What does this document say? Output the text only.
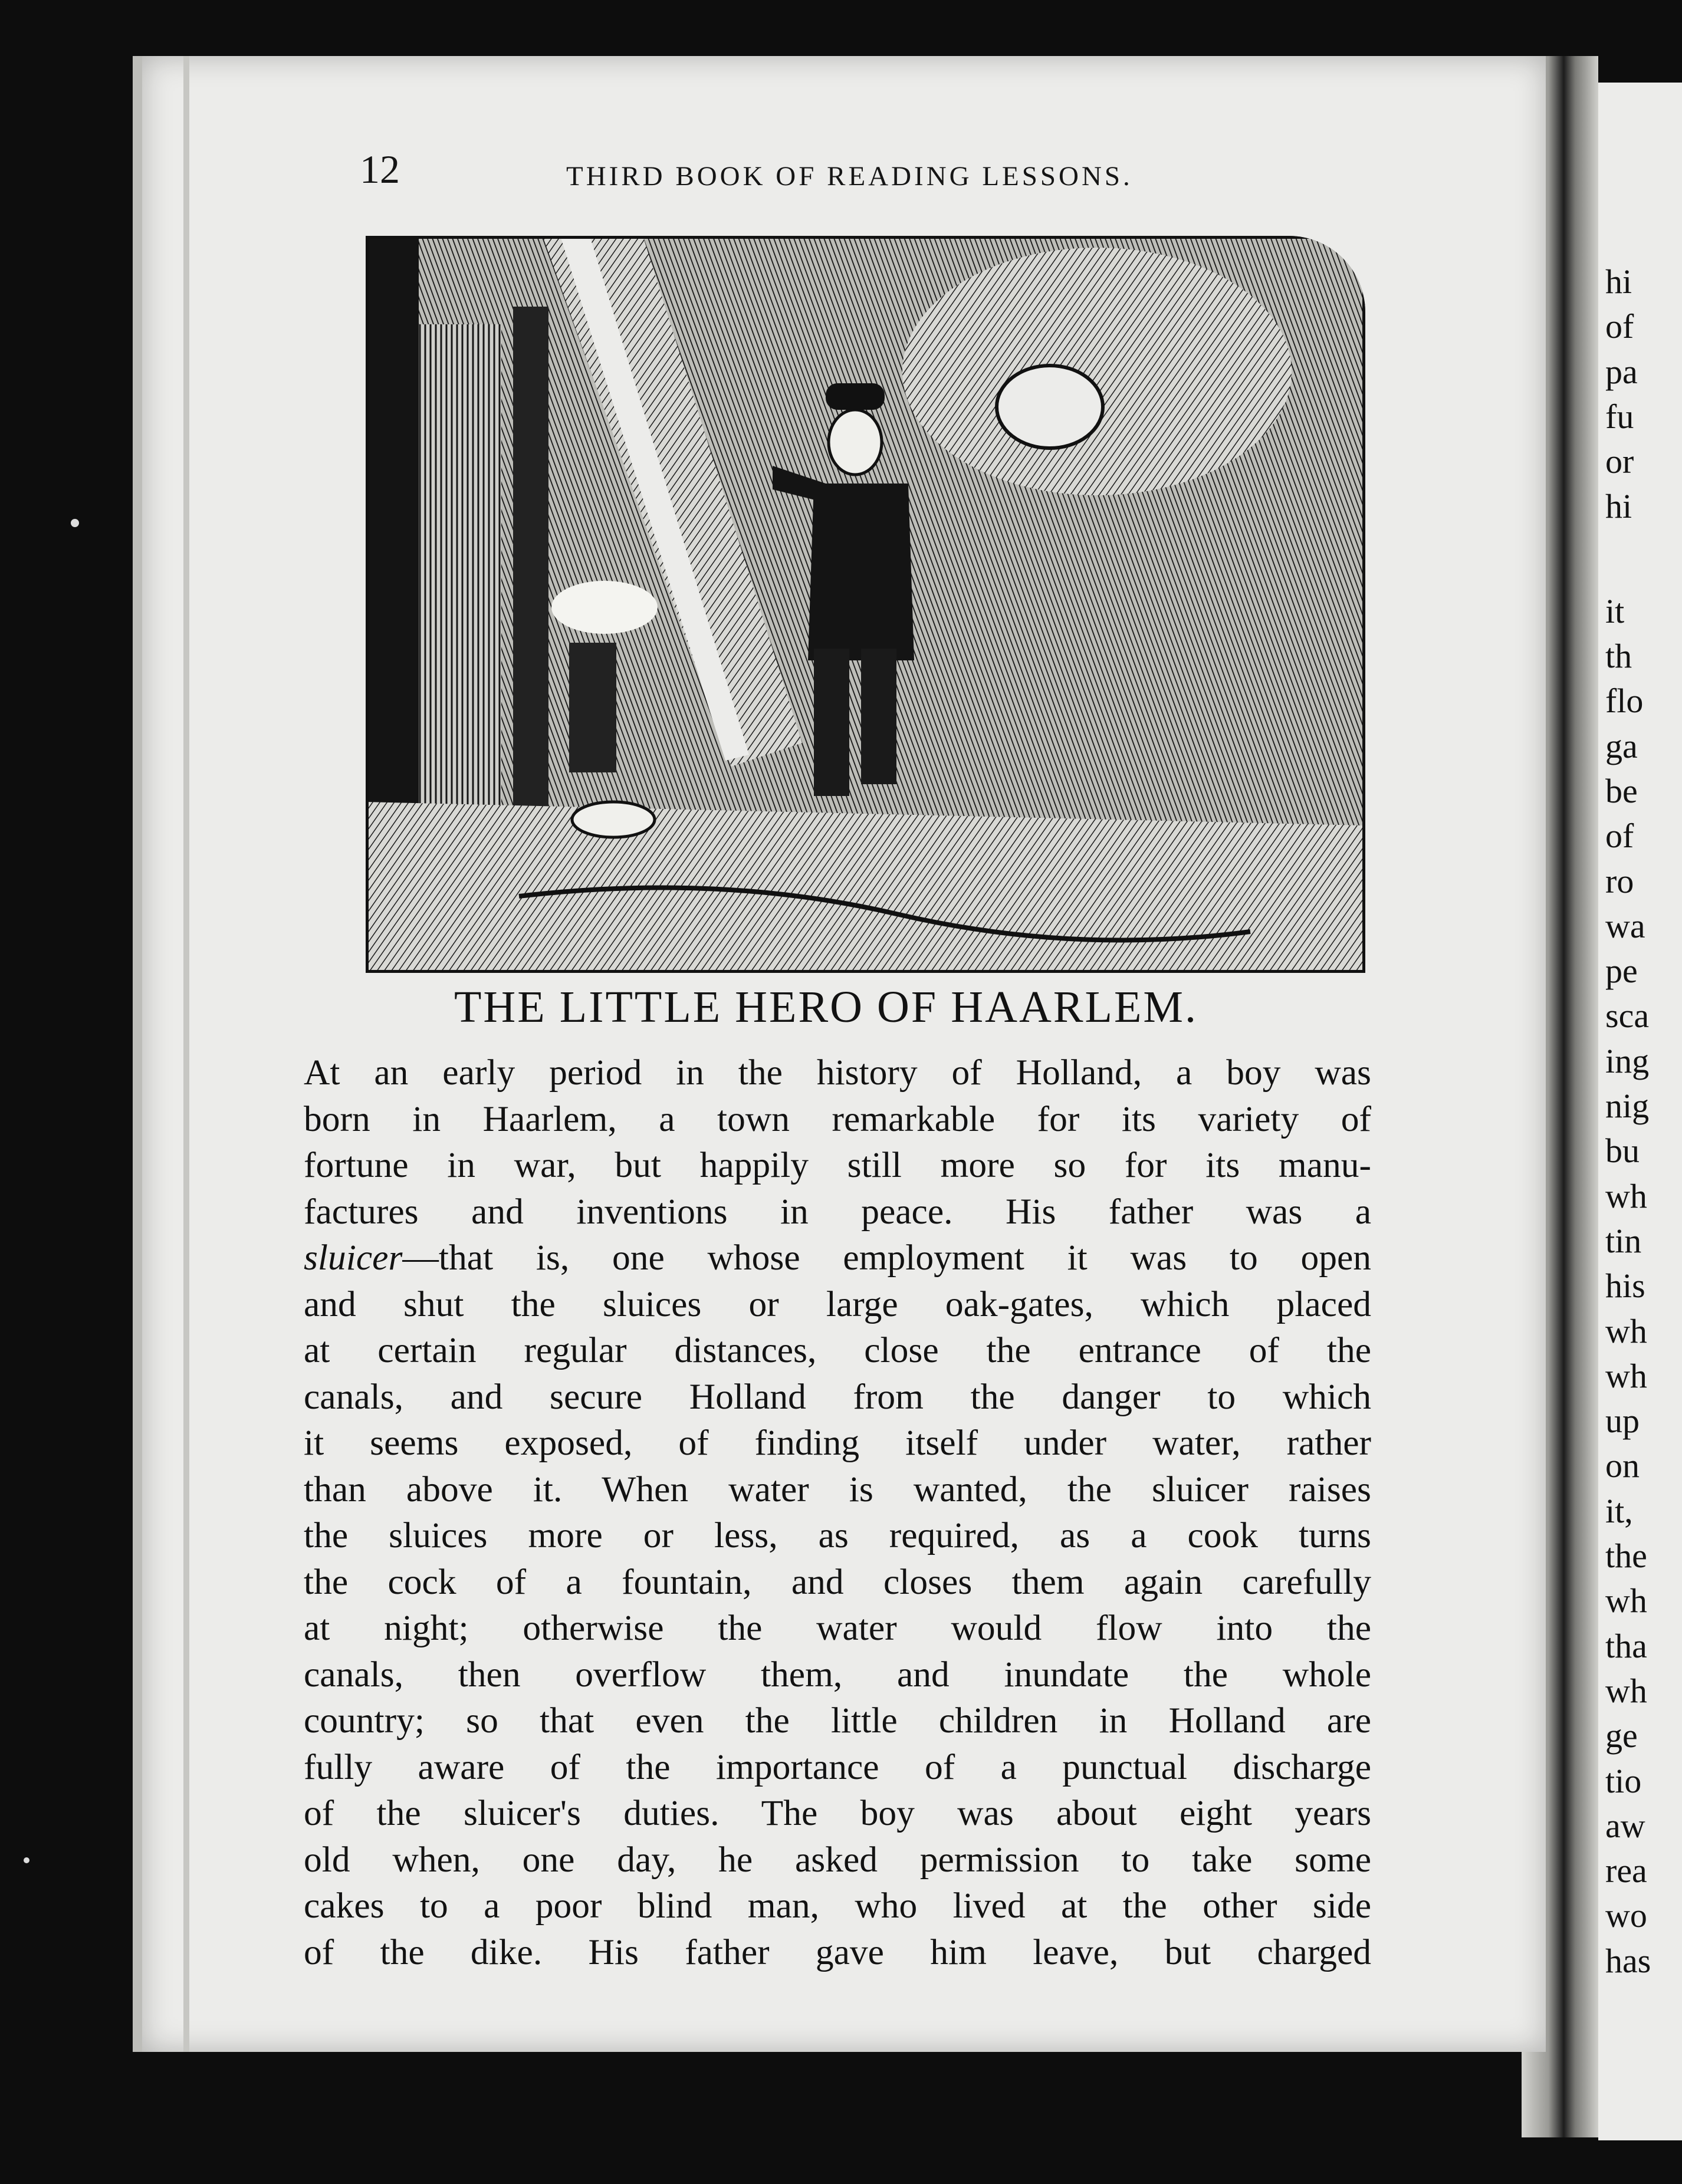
12	THIRD BOOK OF READING LESSONS.
THE LITTLE HERO OF HAARLEM.
At an early period in the history of Holland, a boy was
born in Haarlem, a town remarkable for its variety of
fortune in war, but happily still more so for its manu-
factures and inventions in peace. His father was a
sluicer—that is, one whose employment it was to open
and shut the sluices or large oak-gates, which placed
at certain regular distances, close the entrance of the
canals, and secure Holland from the danger to which
it seems exposed, of finding itself under water, rather
than above it. When water is wanted, the sluicer raises
the sluices more or less, as required, as a cook turns
the cock of a fountain, and closes them again carefully
at night; otherwise the water would flow into the
canals, then overflow them, and inundate the whole
country; so that even the little children in Holland are
fully aware of the importance of a punctual discharge
of the sluicer's duties. The boy was about eight years
old when, one day, he asked permission to take some
cakes to a poor blind man, who lived at the other side
of the dike. His father gave him leave, but charged
hi
of
pa
fu
or
hi
it
th
flo
ga
be
of
ro
wa
pe
sca
ing
nig
bu
wh
tin
his
wh
wh
up
on
it,
the
wh
tha
wh
ge
tio
aw
rea
wo
has
